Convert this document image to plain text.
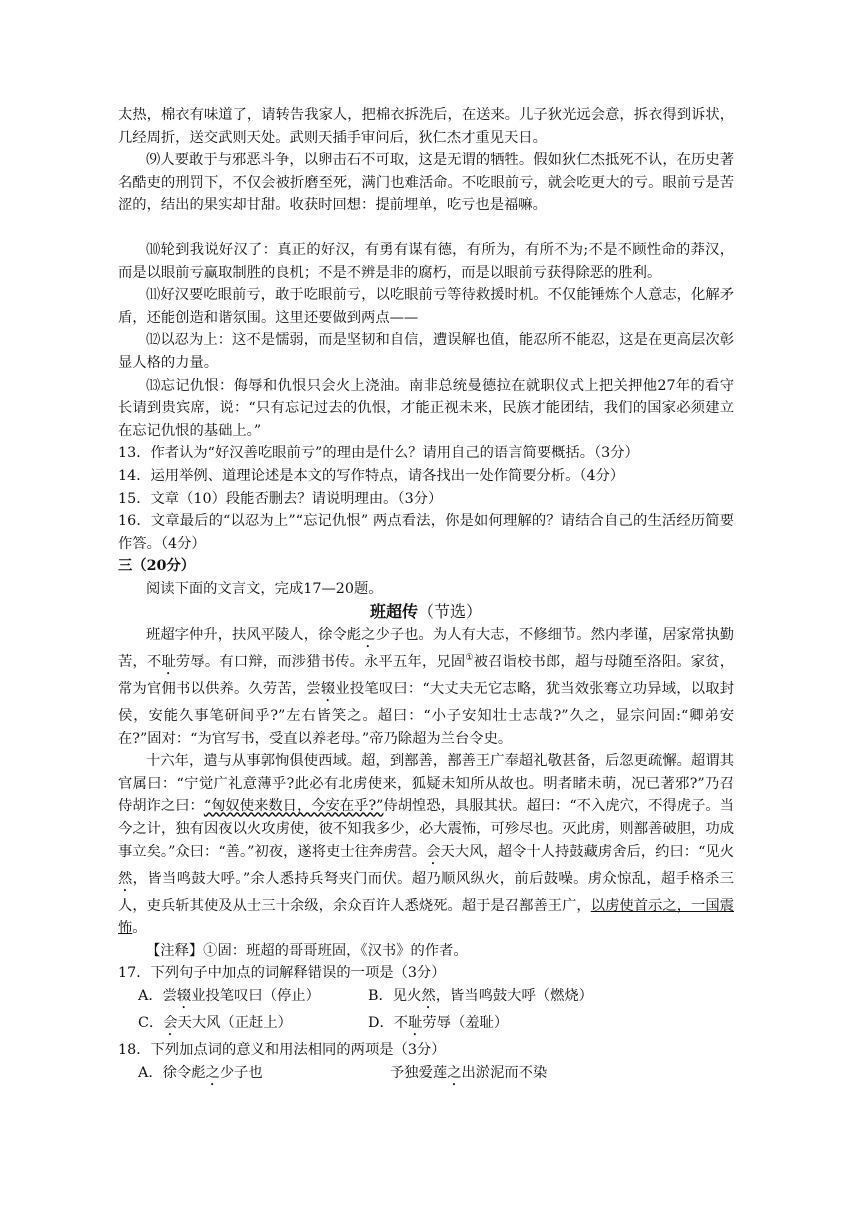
太热，棉衣有味道了，请转告我家人，把棉衣拆洗后，在送来。儿子狄光远会意，拆衣得到诉状，几经周折，送交武则天处。武则天插手审问后，狄仁杰才重见天日。

⑼人要敢于与邪恶斗争，以卵击石不可取，这是无谓的牺牲。假如狄仁杰抵死不认，在历史著名酷吏的刑罚下，不仅会被折磨至死，满门也难活命。不吃眼前亏，就会吃更大的亏。眼前亏是苦涩的，结出的果实却甘甜。收获时回想：提前埋单，吃亏也是福嘛。

⑽轮到我说好汉了：真正的好汉，有勇有谋有德，有所为，有所不为;不是不顾性命的莽汉，而是以眼前亏赢取制胜的良机；不是不辨是非的腐朽，而是以眼前亏获得除恶的胜利。

⑾好汉要吃眼前亏，敢于吃眼前亏，以吃眼前亏等待救援时机。不仅能锤炼个人意志，化解矛盾，还能创造和谐氛围。这里还要做到两点——

⑿以忍为上：这不是懦弱，而是坚韧和自信，遭误解也值，能忍所不能忍，这是在更高层次彰显人格的力量。

⒀忘记仇恨：侮辱和仇恨只会火上浇油。南非总统曼德拉在就职仪式上把关押他27年的看守长请到贵宾席，说：“只有忘记过去的仇恨，才能正视未来，民族才能团结，我们的国家必须建立在忘记仇恨的基础上。”

13．作者认为“好汉善吃眼前亏”的理由是什么？请用自己的语言简要概括。（3分）

14．运用举例、道理论述是本文的写作特点，请各找出一处作简要分析。（4分）

15．文章（10）段能否删去？请说明理由。（3分）

16．文章最后的“以忍为上”“忘记仇恨” 两点看法，你是如何理解的？请结合自己的生活经历简要作答。（4分）

三（20分）

阅读下面的文言文，完成17—20题。

班超传（节选）

班超字仲升，扶风平陵人，徐令彪之少子也。为人有大志，不修细节。然内孝谨，居家常执勤苦，不耻劳辱。有口辩，而涉猎书传。永平五年，兄固①被召诣校书郎，超与母随至洛阳。家贫，常为官佣书以供养。久劳苦，尝辍业投笔叹曰：“大丈夫无它志略，犹当效张骞立功异域，以取封侯，安能久事笔研间乎?”左右皆笑之。超曰：“小子安知壮士志哉?”久之，显宗问固:“卿弟安在?”固对：“为官写书，受直以养老母。”帝乃除超为兰台令史。

十六年，遣与从事郭恂俱使西域。超，到鄯善，鄯善王广奉超礼敬甚备，后忽更疏懈。超谓其官属曰：“宁觉广礼意薄乎?此必有北虏使来，狐疑未知所从故也。明者睹未萌，况已著邪?”乃召侍胡诈之曰：“匈奴使来数日，今安在乎?”侍胡惶恐，具服其状。超曰：“不入虎穴，不得虎子。当今之计，独有因夜以火攻虏使，彼不知我多少，必大震怖，可殄尽也。灭此虏，则鄯善破胆，功成事立矣。”众曰：“善。”初夜，遂将吏士往奔虏营。会天大风，超令十人持鼓藏虏舍后，约曰：“见火然，皆当鸣鼓大呼。”余人悉持兵弩夹门而伏。超乃顺风纵火，前后鼓噪。虏众惊乱，超手格杀三人，吏兵斩其使及从士三十余级，余众百许人悉烧死。超于是召鄯善王广，以虏使首示之，一国震怖。

【注释】①固：班超的哥哥班固，《汉书》的作者。

17．下列句子中加点的词解释错误的一项是（3分）

A．尝辍业投笔叹曰（停止）	B．见火然，皆当鸣鼓大呼（燃烧）
C．会天大风（正赶上）	D．不耻劳辱（羞耻）

18．下列加点词的意义和用法相同的两项是（3分）

A．徐令彪之少子也	予独爱莲之出淤泥而不染
